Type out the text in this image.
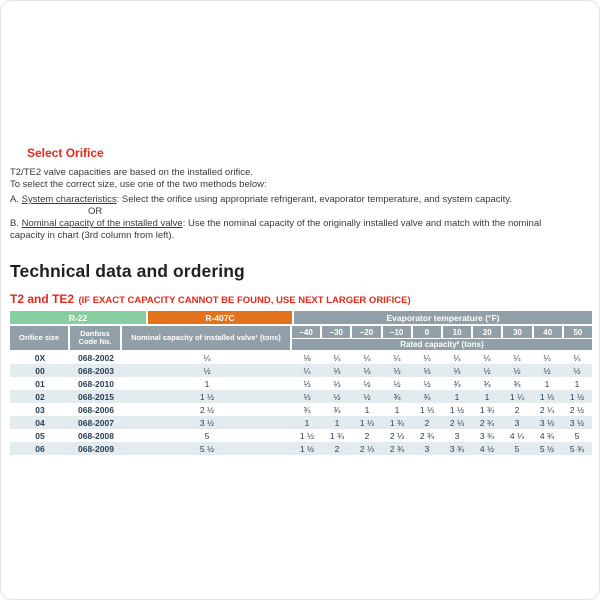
Select Orifice
T2/TE2 valve capacities are based on the installed orifice.
To select the correct size, use one of the two methods below:

A. System characteristics: Select the orifice using appropriate refrigerant, evaporator temperature, and system capacity.

OR

B. Nominal capacity of the installed valve: Use the nominal capacity of the originally installed valve and match with the nominal capacity in chart (3rd column from left).

Technical data and ordering
T2 and TE2 (IF EXACT CAPACITY CANNOT BE FOUND, USE NEXT LARGER ORIFICE)
R-22	R-407C	Evaporator temperature (°F)
Orifice size	Danfoss Code No.	Nominal capacity of installed valve¹ (tons)
–40	–30	–20	–10	0	10	20	30	40	50
Rated capacity² (tons)
0X	068-2002	¼	⅛	¼	¼	¼	¼	¼	¼	¼	¼	¼
00	068-2003	½	¼	⅓	⅓	⅓	⅓	⅓	½	½	½	½
01	068-2010	1	⅓	⅓	½	½	½	¾	¾	¾	1	1
02	068-2015	1 ½	⅓	½	½	¾	¾	1	1	1 ¼	1 ⅓	1 ½
03	068-2006	2 ½	¾	¾	1	1	1 ⅓	1 ½	1 ¾	2	2 ¼	2 ½
04	068-2007	3 ½	1	1	1 ⅓	1 ¾	2	2 ⅓	2 ¾	3	3 ⅓	3 ½
05	068-2008	5	1 ½	1 ¾	2	2 ⅓	2 ¾	3	3 ¾	4 ¼	4 ¾	5
06	068-2009	5 ½	1 ½	2	2 ⅓	2 ¾	3	3 ¾	4 ½	5	5 ½	5 ¾
